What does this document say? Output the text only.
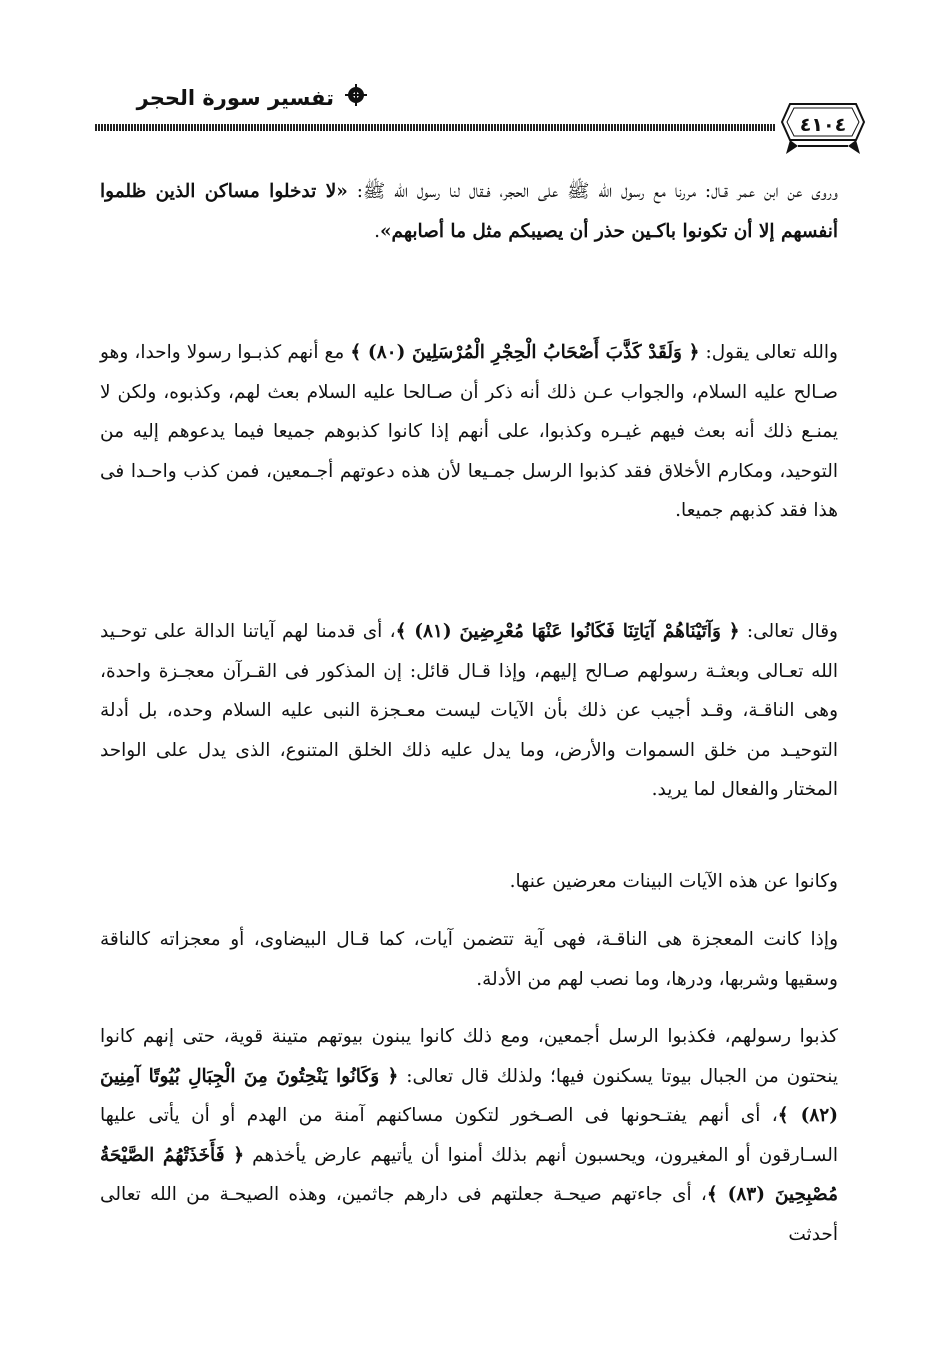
تفسير سورة الحجر
٤١٠٤

وروى عن ابن عمر قـال: مررنا مع رسول الله ﷺ على الحجر، فـقال لنا رسول الله ﷺ: «لا تدخلوا مساكن الذين ظلموا أنفسهم إلا أن تكونوا باكـين حذر أن يصيبكم مثل ما أصابهم».

والله تعالى يقول: ﴿ وَلَقَدْ كَذَّبَ أَصْحَابُ الْحِجْرِ الْمُرْسَلِينَ (٨٠) ﴾ مع أنهم كذبـوا رسولا واحدا، وهو صـالح عليه السلام، والجواب عـن ذلك أنه ذكر أن صـالحا عليه السلام بعث لهم، وكذبوه، ولكن لا يمنـع ذلك أنه بعث فيهم غيـره وكذبوا، على أنهم إذا كانوا كذبوهم جميعا فيما يدعوهم إليه من التوحيد، ومكارم الأخلاق فقد كذبوا الرسل جمـيعا لأن هذه دعوتهم أجـمعين، فمن كذب واحـدا فى هذا فقد كذبهم جميعا.

وقال تعالى: ﴿ وَآتَيْنَاهُمْ آيَاتِنَا فَكَانُوا عَنْهَا مُعْرِضِينَ (٨١) ﴾، أى قدمنا لهم آياتنا الدالة على توحـيد الله تعـالى وبعثـة رسولهم صـالح إليهم، وإذا قـال قائل: إن المذكور فى القـرآن معجـزة واحدة، وهى الناقـة، وقـد أجيب عن ذلك بأن الآيات ليست معـجزة النبى عليه السلام وحده، بل أدلة التوحيـد من خلق السموات والأرض، وما يدل عليه ذلك الخلق المتنوع، الذى يدل على الواحد المختار والفعال لما يريد.

وكانوا عن هذه الآيات البينات معرضين عنها.

وإذا كانت المعجزة هى الناقـة، فهى آية تتضمن آيات، كما قـال البيضاوى، أو معجزاته كالناقة وسقيها وشربها، ودرها، وما نصب لهم من الأدلة.

كذبوا رسولهم، فكذبوا الرسل أجمعين، ومع ذلك كانوا يبنون بيوتهم متينة قوية، حتى إنهم كانوا ينحتون من الجبال بيوتا يسكنون فيها؛ ولذلك قال تعالى: ﴿ وَكَانُوا يَنْحِتُونَ مِنَ الْجِبَالِ بُيُوتًا آمِنِينَ (٨٢) ﴾، أى أنهم يفتـحونها فى الصـخور لتكون مساكنهم آمنة من الهدم أو أن يأتى عليها السـارقون أو المغيرون، ويحسبون أنهم بذلك أمنوا أن يأتيهم عارض يأخذهم ﴿ فَأَخَذَتْهُمُ الصَّيْحَةُ مُصْبِحِينَ (٨٣) ﴾، أى جاءتهم صيحـة جعلتهم فى دارهم جاثمين، وهذه الصيحـة من الله تعالى أحدثت
